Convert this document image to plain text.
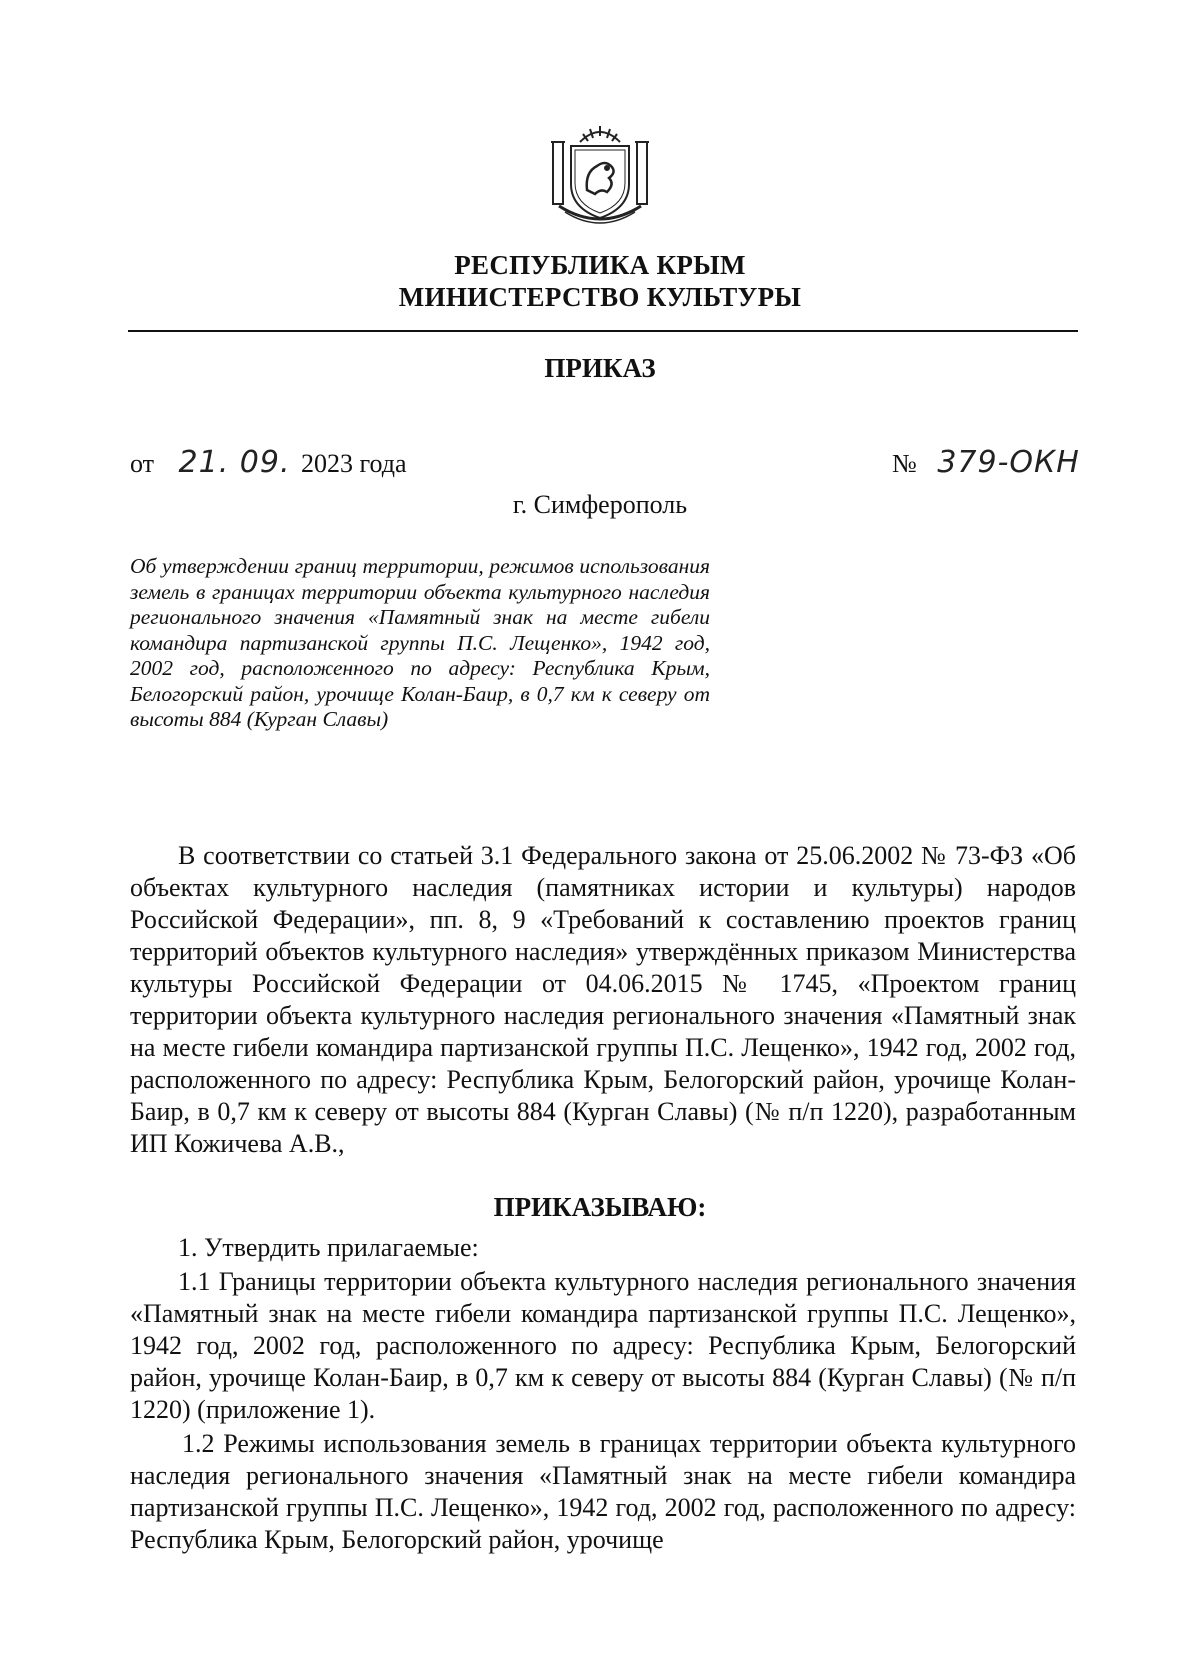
РЕСПУБЛИКА КРЫМ
МИНИСТЕРСТВО КУЛЬТУРЫ
ПРИКАЗ
от 21. 09. 2023 года	№ 379-ОКН
г. Симферополь
Об утверждении границ территории, режимов использования земель в границах территории объекта культурного наследия регионального значения «Памятный знак на месте гибели командира партизанской группы П.С. Лещенко», 1942 год, 2002 год, расположенного по адресу: Республика Крым, Белогорский район, урочище Колан-Баир, в 0,7 км к северу от высоты 884 (Курган Славы)
В соответствии со статьей 3.1 Федерального закона от 25.06.2002 № 73-ФЗ «Об объектах культурного наследия (памятниках истории и культуры) народов Российской Федерации», пп. 8, 9 «Требований к составлению проектов границ территорий объектов культурного наследия» утверждённых приказом Министерства культуры Российской Федерации от 04.06.2015 № 1745, «Проектом границ территории объекта культурного наследия регионального значения «Памятный знак на месте гибели командира партизанской группы П.С. Лещенко», 1942 год, 2002 год, расположенного по адресу: Республика Крым, Белогорский район, урочище Колан-Баир, в 0,7 км к северу от высоты 884 (Курган Славы) (№ п/п 1220), разработанным ИП Кожичева А.В.,
ПРИКАЗЫВАЮ:
1. Утвердить прилагаемые:
1.1 Границы территории объекта культурного наследия регионального значения «Памятный знак на месте гибели командира партизанской группы П.С. Лещенко», 1942 год, 2002 год, расположенного по адресу: Республика Крым, Белогорский район, урочище Колан-Баир, в 0,7 км к северу от высоты 884 (Курган Славы) (№ п/п 1220) (приложение 1).
1.2 Режимы использования земель в границах территории объекта культурного наследия регионального значения «Памятный знак на месте гибели командира партизанской группы П.С. Лещенко», 1942 год, 2002 год, расположенного по адресу: Республика Крым, Белогорский район, урочище
